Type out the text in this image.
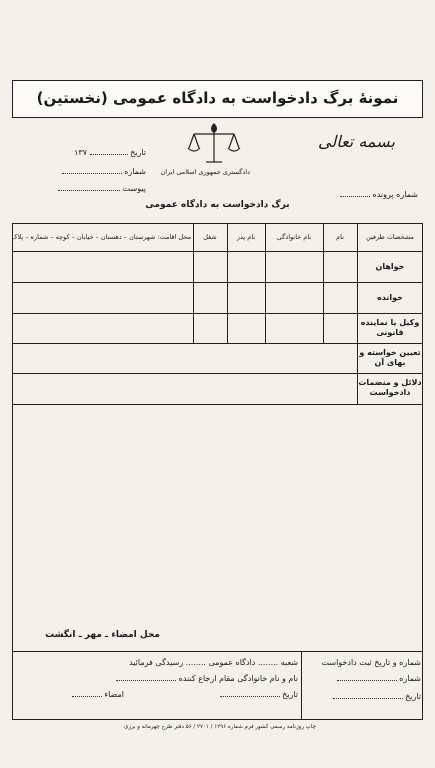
نمونهٔ برگ دادخواست به دادگاه عمومی (نخستین)
دادگستری جمهوری اسلامی ایران
بسمه تعالی
تاریخ  ۱۳۷
شماره
پیوست
شماره پرونده
برگ دادخواست به دادگاه عمومی
محل اقامت: شهرستان – دهستان – خیابان – کوچه – شماره – پلاک	شغل	نام پدر	نام خانوادگی	نام	مشخصات طرفین
خواهان
خوانده
وکیل یا نماینده قانونی
تعیین خواسته و بهای آن
دلائل و منضمات دادخواست
محل امضاء ـ مهر ـ انگشت
شماره و تاریخ ثبت دادخواست
شماره
تاریخ
شعبه ........ دادگاه عمومی ........ رسیدگی فرمائید
نام و نام خانوادگی مقام ارجاع کننده
تاریخ
امضاء
چاپ روزنامه رسمی کشور فرم شماره ۱۲۹۶ / ۲۷۰۱ / ۵۶ دفتر طرح چهرمانه و برزی
